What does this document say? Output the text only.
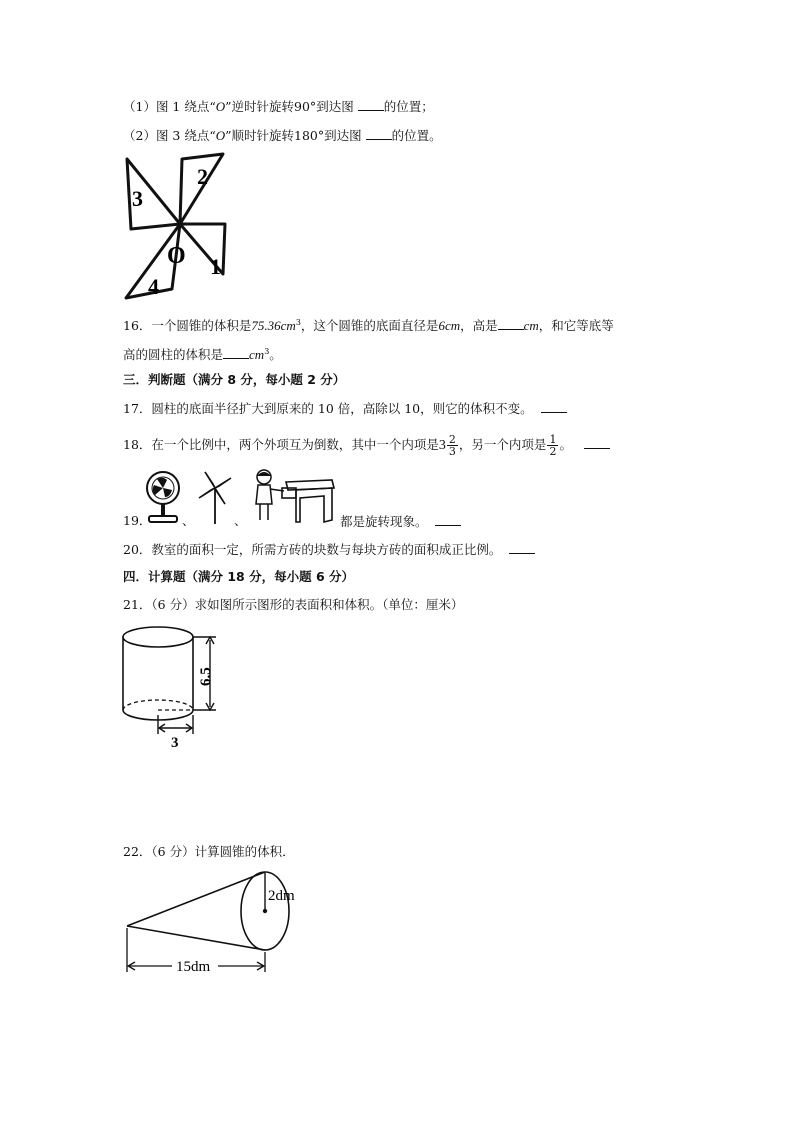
（1）图 1 绕点“O”逆时针旋转90°到达图 的位置；
（2）图 3 绕点“O”顺时针旋转180°到达图 的位置。
3
2
1
4
O
16．一个圆锥的体积是$75.36cm^3$，这个圆锥的底面直径是6cm，高是 cm，和它等底等
高的圆柱的体积是 $cm^3$。
三．判断题（满分 8 分，每小题 2 分）
17．圆柱的底面半径扩大到原来的 10 倍，高除以 10，则它的体积不变。
18．在一个比例中，两个外项互为倒数，其中一个内项是$3 \frac{2}{3}$ ，另一个内项是 $\frac{1}{2}$ 。
19． 、	、	都是旋转现象。
20．教室的面积一定，所需方砖的块数与每块方砖的面积成正比例。
四．计算题（满分 18 分，每小题 6 分）
21．（6 分）求如图所示图形的表面积和体积。（单位：厘米）
6.5
3
22．（6 分）计算圆锥的体积．
2dm
15dm
